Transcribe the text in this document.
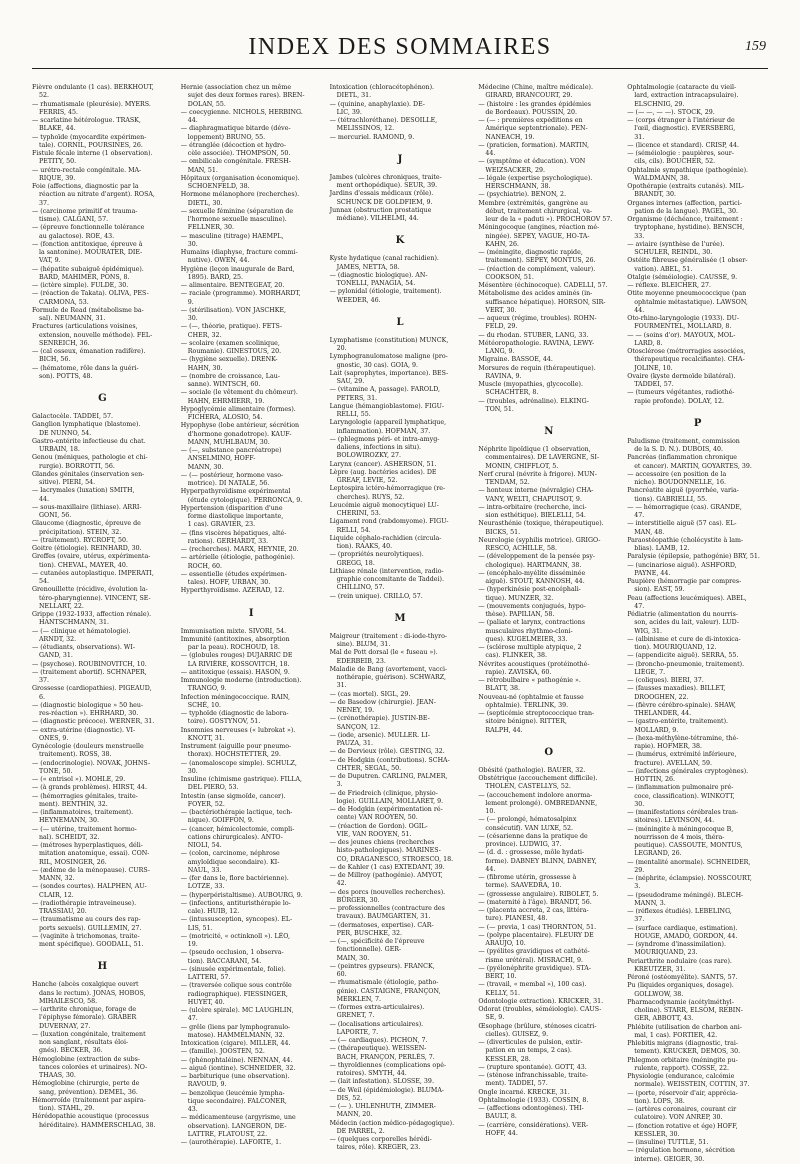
INDEX DES SOMMAIRES	159
Fièvre ondulante (1 cas). BERKHOUT,
52.
— rhumatismale (pleurésie). MYERS.
FERRIS, 45.
— scarlatine hétérologue. TRASK,
BLAKE, 44.
— typhoïde (myocardite expérimen-
tale). CORNIL, POURSINES, 26.
Fistule fécale interne (1 observation).
PETITY, 50.
— urétro-rectale congénitale. MA-
RIQUE, 39.
Foie (affections, diagnostic par la
réaction au nitrate d'argent). ROSA,
37.
— (carcinome primitif et trauma-
tisme). CALGANI, 57.
— (épreuve fonctionnelle tolérance
au galactose). ROE, 43.
— (fonction antitoxique, épreuve à
la santonine). MOURATER, DIE-
VAT, 9.
— (hépatite subaiguë épidémique).
BARD, MAHIMER, PONS, 8.
— (ictère simple). FULDE, 30.
— (réaction de Takata). OLIVA, PES-
CARMONA, 53.
Formule de Read (métabolisme ba-
sal). NEUMANN, 31.
Fractures (articulations voisines,
extension, nouvelle méthode). FEL-
SENREICH, 36.
— (cal osseux, émanation radifère).
BICH, 56.
— (hématome, rôle dans la guéri-
son). POTTS, 48.
G
Galactocèle. TADDEI, 57.
Ganglion lymphatique (blastome).
DE NUNNO, 54.
Gastro-entérite infectieuse du chat.
URBAIN, 18.
Genou (méniques, pathologie et chi-
rurgie). BORROTTI, 56.
Glandes génitales (inservation sen-
sitive). PIERI, 54.
— lacrymales (luxation) SMITH,
44.
— sous-maxillaire (lithiase). ARRI-
GONI, 56.
Glaucome (diagnostic, épreuve de
précipitation). STEIN, 32.
— (traitement). RYCROFT, 50.
Goitre (étiologie). REINHARD, 30.
Greffes (ovaire, utérus, expérimenta-
tion). CHEVAL, MAYER, 40.
— cutanées autoplastique. IMPERATI,
54.
Grenouillette (récidive, évolution la-
téro-pharyngienne). VINCENT, SE-
NELLART, 22.
Grippe (1932-1933, affection rénale).
HANTSCHMANN, 31.
— (— clinique et hématologie).
ARNDT, 32.
— (étudiants, observations). WI-
GAND, 31.
— (psychose). ROUBINOVITCH, 10.
— (traitement abortif). SCHNAPER,
37.
Grossesse (cardiopathies). PIGEAUD,
6.
— (diagnostic biologique » 50 heu-
res-réaction »). EHRHARD, 30.
— (diagnostic précoce). WERNER, 31.
— extra-utérine (diagnostic). VI-
ONES, 9.
Gynécologie (douleurs menstruelle
traitement). ROSS, 38.
— (endocrinologie). NOVAK, JOHNS-
TONE, 50.
— (« entrisol »). MOHLE, 29.
— (à grands problèmes). HIRST, 44.
— (hémorragies génitales, traite-
ment). BENTHIN, 32.
— (inflammatoires, traitement).
HEYNEMANN, 30.
— (— utérine, traitement hormo-
nal). SCHEIDT, 32.
— (métroses hyperplastiques, déli-
mitation anatomique, essai). CON-
RIL, MOSINGER, 26.
— (ædème de la ménopause). CURS-
MANN, 32.
— (sondes courtes). HALPHEN, AU-
CLAIR, 12.
— (radiothérapie intraveineuse).
TRASSIAU, 20.
— (traumatisme au cours des rap-
ports sexuels). GUILLEMIN, 27.
— (vaginite à trichomonas, traite-
ment spécifique). GOODALL, 51.
H
Hanche (abcès coxalgique ouvert
dans le rectum). JONAS, HOBOS,
MIHAILESCO, 58.
— (arthrite chronique, forage de
l'épiphyse fémorale). GRABER
DUVERNAY, 27.
— (luxation congénitale, traitement
non sanglant, résultats éloi-
gnés). BECKER, 36.
Hémoglobine (extraction de subs-
tances colorées et urinaires). NO-
THAAS, 30.
Hémoglobine (chirurgie, perte de
sang, prévention). DEMEL, 36.
Hémorroïde (traitement par aspira-
tion). STAHL, 29.
Hérédopathie acoustique (processus
héréditaire). HAMMERSCHLAG, 38.
Hernie (association chez un même
sujet des deux formes rares). BREN-
DOLAN, 55.
— coecygienne. NICHOLS, HERBING.
44.
— diaphragmatique bitarde (déve-
loppement) BRUNO, 55.
— étranglée (décoction et hydro-
cèle associée). THOMPSON, 50.
— ombilicale congénitale. FRESH-
MAN, 51.
Hôpitaux (organisation économique).
SCHOENFELD, 38.
Hormone mélanophore (recherches).
DIETL, 30.
— sexuelle féminine (séparation de
l'hormone sexuelle masculine).
FELLNER, 30.
— masculine (titrage) HAEMPL,
30.
Humains (diaphyse, fracture commi-
nutive). OWEN, 44.
Hygiène (leçon inaugurale de Bard,
1895). BARD, 25.
— alimentaire. BENTEGEAT, 20.
— raciale (programme). MORHARDT,
9.
— (stérilisation). VON JASCHKE,
30.
— (—, théorie, pratique). FETS-
CHER, 32.
— scolaire (examen scolinique,
Roumanie). GINESTOUS, 20.
— (hygiène sexuelle). DRENK-
HAHN, 30.
— (nombre de croissance, Lau-
sanne). WINTSCH, 60.
— sociale (le vêtement du chômeur).
HAHN, EHRMIERR, 19.
Hypoglycémie alimentaire (formes).
FICHERA, ALOSIO, 54.
Hypophyse (lobe antérieur, sécrétion
d'hormone gonadotrope). KAUF-
MANN, MUHLBAUM, 30.
— (—, substance pancréatrope)
ANSELMINO, HOFF-
MANN, 30.
— (— postérieur, hormone vaso-
motrice). DI NATALE, 56.
Hyperpathyroïdisme expérimental
(étude cytologique). PERRONCA, 9.
Hypertension (disparition d'une
forme diastolique importante,
1 cas). GRAVIER, 23.
— (fins viscères hépatiques, alté-
rations). GERHARDT, 33.
— (recherches). MARX, HEYNIE, 20.
— artérielle (étiologie, pathogénie).
ROCH, 60.
— essentielle (études expérimen-
tales). HOFF, URBAN, 30.
Hyperthyroïdisme. AZERAD, 12.
I
Immunisation mixte. SIVORI, 54.
Immunité (antitoxines, absorption
par la peau). ROCHOUD, 18.
— (globules rouges) DUJARRIC DE
LA RIVIÈRE, KOSSOVITCH, 18.
— antitoxique (essais). HASON, 9.
Immunologie moderne (introduction).
TRANGO, 9.
Infection méningococcique. RAIN,
SCHÉ, 10.
— typhoïde (diagnostic de labora-
toire). GOSTYNOV, 51.
Insomnies nerveuses (« lubrokat »).
KNOTT, 31.
Instrument (aiguille pour pneumo-
thorax). HOCHSTETTER, 29.
— (anomaloscope simple). SCHULZ,
30.
Insuline (chimisme gastrique). FILLA,
DEL PIERO, 53.
Intestin (anse sigmoïde, cancer).
FOYER, 52.
— (bactériothérapie lactique, tech-
nique). GOIFFON, 9.
— (cancer, hémicolectomie, compli-
cations chirurgicales). ANTO-
NIOLI, 54.
— (colon, carcinome, néphrose
amyloïdique secondaire). KI-
NAUL, 33.
— (fer dans le, flore bactérienne).
LOTZE, 33.
— (hyperpéristaltisme). AUBOURG, 9.
— (infections, antituristhérapie lo-
cale). HUIB, 12.
— (intussusception, syncopes). EL-
LIS, 51.
— (motricité, « octinknoll »). LÉO,
19.
— (pseudo occlusion, 1 observa-
tion). BACCARANI, 54.
— (sinusée expérimentale, folie).
LATTERI, 57.
— (traversée colique sous contrôle
radiographique). FIESSINGER,
HUYET, 40.
— (ulcère spirale). MC LAUGHLIN,
47.
— grêle (liens par lymphogranulo-
matose). HAMMELMANN, 32.
Intoxication (cigare). MILLER, 44.
— (famille). JOOSTEN, 52.
— (phénophtaléine). NENNAN, 44.
— aiguë (iontine). SCHNEIDER, 32.
— barbiturique (une observation).
RAVOUD, 9.
— benzolique (leucémie lympha-
tique secondaire). FALCONER,
43.
— médicamenteuse (argyrisme, une
observation). LANGERON, DE-
LATTRE, FLATOUST, 22.
— (aurothérapie). LAFORTE, 1.
Intoxication (chloracétophénon).
DIETL, 31.
— (quinine, anaphylaxie). DE-
LIC, 39.
— (tétrachloréthane). DESOILLE,
MELISSINOS, 12.
— mercuriel. RAMOND, 9.
J
Jambes (ulcères chroniques, traite-
ment orthopédique). SEUR, 39.
Jardins d'essais médicaux (rôle).
SCHUNCK DE GOLDFIEM, 9.
Junnax (obstruction prostatique
médiane). VILHELMI, 44.
K
Kyste hydatique (canal rachidien).
JAMES, NETTA, 58.
— (diagnostic biologique). AN-
TONELLI, PANAGIA, 54.
— pylonidal (étiologie, traitement).
WEEDER, 46.
L
Lymphatisme (constitution) MUNCK,
20.
Lymphogranulomatose maligne (pro-
gnostic, 30 cas). GOIA, 9.
Lait (saprophytes, importance). BES-
SAU, 29.
— (vitamine A, passage). FAROLD,
PETERS, 31.
Langue (hémangioblastome). FIGU-
RELLI, 55.
Laryngologie (appareil lymphatique,
inflammation). HOFMAN, 37.
— (phlegmons péri- et intra-amyg-
daliens, infections in situ).
BOLOWIROZKY, 27.
Larynx (cancer). ASHERSON, 51.
Lèpre (aug. bactéries acides). DE
GREAF, LEVIE, 52.
Leptospira ictéro-hémorragique (re-
cherches). RUYS, 52.
Leucémie aiguë monocytique) LU-
CHERINI, 53.
Ligament rond (rabdomyome). FIGU-
RELLI, 54.
Liquide céphalo-rachidien (circula-
tion). RAAKS, 40.
— (propriétés neurolytiques).
GREGG, 18.
Lithiase rénale (intervention, radio-
graphie concomitante de Taddei).
CHILLINO, 57.
— (rein unique). CRILLO, 57.
M
Maigreur (traitement : di-iode-thyro-
sine). BLUM, 31.
Mal de Pott dorsal (le « fuseau »).
EDERBEIB, 23.
Maladie de Bang (avortement, vacci-
nothérapie, guérison). SCHWARZ,
31.
— (cas mortel). SIGL, 29.
— de Basedow (chirurgie). JEAN-
NENEY, 19.
— (crénothérapie). JUSTIN-BE-
SANÇON, 12.
— (iode, arsenic). MULLER. LI-
PAUZA, 31.
— de Dervieux (rôle). GESTING, 32.
— de Hodgkin (contributions). SCHA-
CHTER, SEGAL, 50.
— de Duputren. CARLING, PALMER,
3.
— de Friedreich (clinique, physio-
logie). GUILLAIN, MOLLARET, 9.
— de Hodgkin (expérimentation ré-
cente) VAN ROOYEN, 50.
— (réaction de Gordon). OGIL-
VIE, VAN ROOYEN, 51.
— des jeunes chiens (recherches
histo-pathologiques). MARINES-
CO, DRAGANESCO, STROESCO, 18.
— de Kahler (1 cas) EXTEDANT, 39.
— de Millroy (pathogénie). AMYOT,
42.
— des porcs (nouvelles recherches).
BÜRGER, 30.
— professionnelles (contracture des
travaux). BAUMGARTEN, 31.
— (dermatoses, expertise). CAR-
PER, BUSCHKE, 32.
— (—, spécificité de l'épreuve
fonctionnelle). GER-
MAIN, 30.
— (peintres gypseurs). FRANCK,
60.
— rhumatismale (étiologie, patho-
génie). CASTAIGNE, FRANÇON,
MERKLEN, 7.
— (formes extra-articulaires).
GRENET, 7.
— (localisations articulaires).
LAPORTE, 7.
— (— cardiaques). PICHON, 7.
— (thérapeutique). WEISSEN-
BACH, FRANÇON, PERLÈS, 7.
— thyroïdiennes (complications opé-
ratoires). SMYTH, 44.
— (lait infestation). SLOSSE, 39.
— de Weil (épidémiologie). BLUMA-
DIS, 52.
— (— ). UHLENHUTH, ZIMMER-
MANN, 20.
Médecin (action médico-pédagogique).
DE PARREL, 2.
— (quelques corporelles hérédi-
taires, rôle). KREGER, 23.
Médecine (Chine, maître médicale).
GIRARD, BRANCOURT, 29.
— (histoire : les grandes épidémies
de Bordeaux). POUSSIN, 20.
— (— : premières expéditions en
Amérique septentrionale). PEN-
NANEACH, 19.
— (praticien, formation). MARTIN,
44.
— (symptôme et éducation). VON
WEIZSACKER, 29.
— légale (expertise psychologique).
HERSCHMANN, 38.
— (psychiatrie). BENON, 2.
Membre (extrémités, gangrène au
début, traitement chirurgical, va-
leur de la « paduti »). PROCHOROV 57.
Méningocoque (angines, réaction mé-
ningée). SEPEY, VAGUE, HO-TA-
KAHN, 26.
— (méningite, diagnostic rapide,
traitement). SEPEY, MONTUS, 26.
— (réaction de complément, valeur).
COOKSON, 51.
Mésentère (échinocoque). CADELLI, 57.
Métabolisme des acides aminés (in-
suffisance hépatique). HORSON, SIR-
VERT, 30.
— aqueux (régime, troubles). ROHN-
FELD, 29.
— du rhodan. STUBER, LANG, 33.
Météoropathologie. RAVINA, LEWY-
LANG, 9.
Migraine. BASSOE, 44.
Morsures de requin (thérapeutique).
RAVINA, 9.
Muscle (myopathies, glycocolle).
SCHACHTER, 8.
— (troubles, adrénaline). ELKING-
TON, 51.
N
Néphrite lipoïdique (1 observation,
commentaires). DE LAVERGNE, SI-
MONIN, CHIFFLOT, 5.
Nerf crural (névrite à frigore). MUN-
TENDAM, 52.
— honteux interne (névralgie) CHA-
VANY, WELTI, CHAPUISOT, 9.
— intra-orbitaire (recherche, inci-
sion esthétique). BIELELLI, 54.
Neurasthénie (toxique, thérapeutique).
BICKS, 51.
Neurologie (syphilis motrice). GRIGO-
RESCO, ACHILLE, 58.
— (développement de la pensée psy-
chologique). HARTMANN, 38.
— (encéphalo-myélite disséminée
aiguë). STOUT, KANNOSH, 44.
— (hyperkinésie post-encéphali-
tique). MUNZER, 32.
— (mouvements conjugués, hypo-
thèse). PAPILIAN, 58.
— (paliate et larynx, contractions
musculaires rhythmo-cloni-
ques). KUGELMEIER, 33.
— (sclérose multiple atypique, 2
cas). FLINKER, 38.
Névrites acoustiques (protéinothé-
rapie). ZAVISKA, 60.
— rétrobulbaire « pathogénie ».
BLATT, 38.
Nouveau-né (ophtalmie et fausse
ophtalmie). TERLINK, 39.
— (septicémie streptococcique tran-
sitoire bénigne). RITTER,
RALPH, 44.
O
Obésité (pathologie). BAUER, 32.
Obstétrique (accouchement difficile).
THOLEN, CASTELLYS, 52.
— (accouchement indolore anorma-
lement prolongé). OMBREDANNE,
10.
— (— prolongé, hématosalpinx
consécutif). VAN LUXE, 52.
— (césarienne dans la pratique de
province). LUDWIG, 37.
— (d. d. : grossesse, môle hydati-
forme). DABNEY BLINN, DABNEY,
44.
— (fibrome utérin, grossesse à
terme). SAAVEDRA, 10.
— (grossesse angulaire). RIBOLET, 5.
— (maternité à l'âge). BRANDT, 56.
— (placenta accreta, 2 cas, littéra-
ture). PIANESI, 48.
— (— previa, 1 cas) THORNTON, 51.
— (polype placentaire). FLEURY DE
ARAUJO, 10.
— (pyélites gravidiques et cathété-
risme urétéral). MISRACHI, 9.
— (pyélonéphrite gravidique). STA-
BERT, 10.
— (travail, « membal »), 100 cas).
KELLY, 51.
Odontologie extraction). KRICKER, 31.
Odorat (troubles, séméiologie). CAUS-
SE, 9.
Œsophage (brûlure, sténoses cicatri-
cielles). GUISEZ, 9.
— (diverticules de pulsion, extir-
pation en un temps, 2 cas).
KESSLER, 28.
— (rupture spontanée). GOTT, 43.
— (sténose infranchissable, traite-
ment). TADDEI, 57.
Ongle incarné. KRECKE, 31.
Ophtalmologie (1933). COSSIN, 8.
— (affections odontogènes). THI-
BAULT, 8.
— (carrière, considérations). VER-
HOFF, 44.
Ophtalmologie (cataracte du vieil-
lard, extraction intracapsulaire).
ELSCHNIG, 29.
— (— —, — —). STOCK, 29.
— (corps étranger à l'intérieur de
l'œil, diagnostic). EVERSBERG,
31.
— (licence et standard). CRISP, 44.
— (séméiologie : paupières, sour-
cils, cils). BOUCHER, 52.
Ophtalmie sympathique (pathogénie).
WALDMANN, 38.
Opothérapie (extraits cutanés). MIL-
BRANDT, 30.
Organes internes (affection, partici-
pation de la langue). PAGEL, 30.
Organisme (déchéance, traitement :
tryptophane, hystidine). BENSCH,
33.
— aviaire (synthèse de l'urée).
SCHULER, REINDL, 30.
Ostéite fibreuse généralisée (1 obser-
vation). ABEL, 51.
Otalgie (séméiologie). CAUSSE, 9.
— réflexe. BLEICHER, 27.
Otite moyenne pneumococcique (pan
ophtalmie métastatique). LAWSON,
44.
Oto-rhino-laryngologie (1933). DU-
FOURMENTEL, MOLLARD, 8.
— — (soins d'or). MAYOUX, MOL-
LARD, 8.
Otosclérose (métrorragies associées,
thérapeutique recalcifiante). CHA-
JOLINE, 10.
Ovaire (kyste dermoïde bilatéral).
TADDEI, 57.
— (tumeurs végétantes, radiothé-
rapie profonde). DOLAY, 12.
P
Paludisme (traitement, commission
de la S. D. N.). DUBOIS, 40.
Pancréas (inflammation chronique
et cancer). MARTIN, GOYARTES, 39.
— accessoire (en position de la
niche). BOUDONNELLE, 16.
Pancréatite aiguë (pyorrhée, varia-
tions). GABRIELLI, 55.
— — hémorragique (cas). GRANDE,
47.
— interstitielle aiguë (57 cas). EL-
MAN, 48.
Paraostéopathie (cholécystite à lam-
blias). LAMB, 12.
Paralysie (épilepsie, pathogénie) BRY, 51.
— (uncinariose aiguë). ASHFORD,
PAYNE, 44.
Paupière (hémorragie par compres-
sion). EAST, 59.
Peau (affections leucémiques). ABEL,
47.
Pédiatrie (alimentation du nourris-
son, acides du lait, valeur). LUD-
WIG, 31.
— (albinisme et cure de di-intoxica-
tion). MOURIQUAND, 12.
— (appendicite aiguë). SERRA, 55.
— (broncho-pneumonie, traitement).
LIÈGE, 7.
— (coliques). BIERI, 37.
— (fausses maxadies). BILLET,
DROOGHEN, 22.
— (fièvre cérébro-spinale). SHAW,
THELANDER, 44.
— (gastro-entérite, traitement).
MOLLARD, 9.
— (hexa-méthylène-tétramine, thé-
rapie). HOFMER, 38.
— (humérus, extrémité inférieure,
fracture). AVELLAN, 59.
— (infections générales cryptogènes).
HOTTIN, 26.
— (inflammation pulmonaire pré-
coce, classification). WINKOTT,
30.
— (manifestations cérébrales tran-
sitoires). LEVINSON, 44.
— (méningite à méningocoque B,
nourrisson de 4 mois, théra-
peutique). CASSOUTE, MONTUS,
LEGRAND, 26.
— (mentalité anormale). SCHNEIDER,
29.
— (néphrite, éclampsie). NOSSCOURT,
3.
— (pseudodrame méningé). BLECH-
MANN, 3.
— (réflexes étudiés). LEBELING,
37.
— (surface cardiaque, estimation).
HOUGE, AMADO, GORDON, 44.
— (syndrome d'inassimilation).
MOURIQUAND, 23.
Periarthrite nodulaire (cas rare).
KREUTZER, 31.
Péroné (ostéomyélite). SANTS, 57.
Pu (liquides organiques, dosage).
GOLLWOW, 38.
Pharmacodynamie (acétylméthyl-
choline). STARR, ELSOM, REBIN-
GER, ABBOTT, 43.
Phlébite (utilisation de charbon ani-
mal, 1 cas). FORTIER, 42.
Phlebitis migrans (diagnostic, trai-
tement). KRUCKER, DEMOS, 30.
Phlegmon orbitaire (méningite pu-
rulente, rapport). COSSE, 22.
Physiologie (endurance, calcémie
normale). WEISSTEIN, COTTIN, 37.
— (porte, réservoir d'air, apprécia-
tion). LOPS, 38.
— (artères coronaires, courant cir
culatoire). VON ANREP, 30.
— (fonction rotative et ége) HOFF,
KESSLER, 30.
— (insuline) TUTTLE, 51.
— (régulation hormone, sécrétion
interne). GEIGER, 30.
